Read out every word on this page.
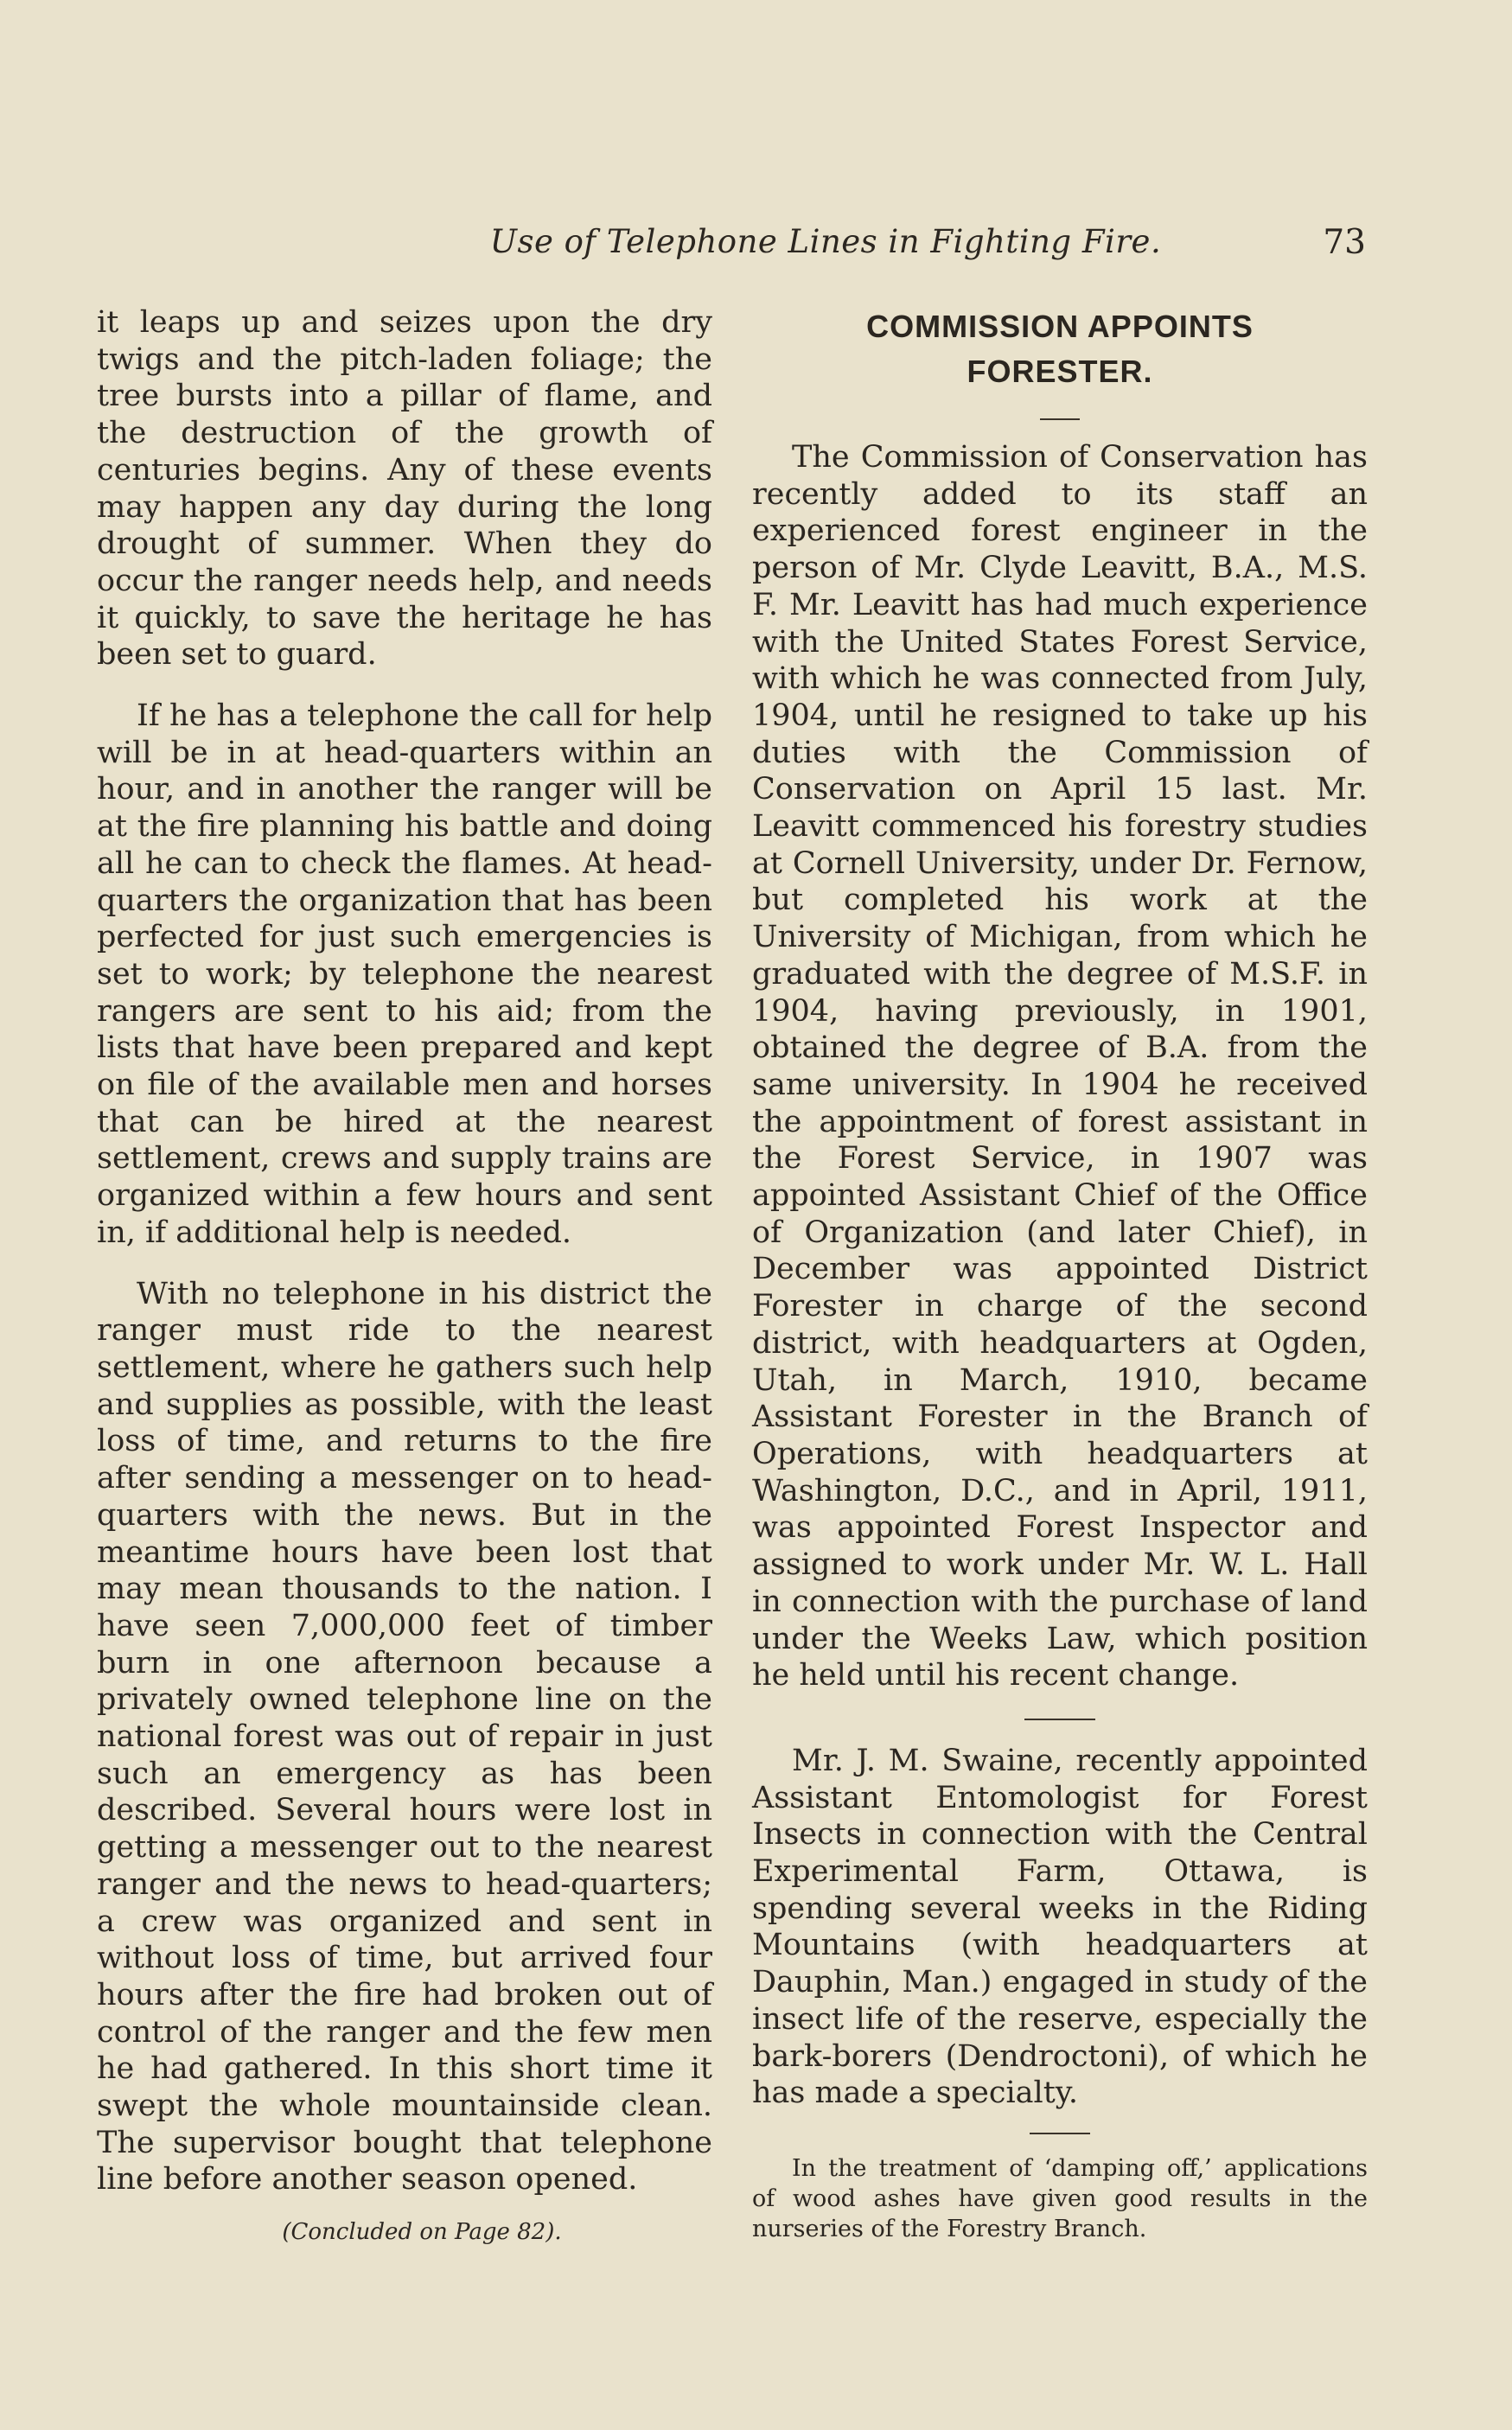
Use of Telephone Lines in Fighting Fire.	73

it leaps up and seizes upon the dry twigs and the pitch-laden foliage; the tree bursts into a pillar of flame, and the destruction of the growth of centuries begins. Any of these events may happen any day during the long drought of summer. When they do occur the ranger needs help, and needs it quickly, to save the heritage he has been set to guard.

If he has a telephone the call for help will be in at head-quarters within an hour, and in another the ranger will be at the fire planning his battle and doing all he can to check the flames. At head-quarters the organization that has been perfected for just such emergencies is set to work; by telephone the nearest rangers are sent to his aid; from the lists that have been prepared and kept on file of the available men and horses that can be hired at the nearest settlement, crews and supply trains are organized within a few hours and sent in, if additional help is needed.

With no telephone in his district the ranger must ride to the nearest settlement, where he gathers such help and supplies as possible, with the least loss of time, and returns to the fire after sending a messenger on to head-quarters with the news. But in the meantime hours have been lost that may mean thousands to the nation. I have seen 7,000,000 feet of timber burn in one afternoon because a privately owned telephone line on the national forest was out of repair in just such an emergency as has been described. Several hours were lost in getting a messenger out to the nearest ranger and the news to head-quarters; a crew was organized and sent in without loss of time, but arrived four hours after the fire had broken out of control of the ranger and the few men he had gathered. In this short time it swept the whole mountainside clean. The supervisor bought that telephone line before another season opened.

(Concluded on Page 82).

COMMISSION APPOINTS
FORESTER.

The Commission of Conservation has recently added to its staff an experienced forest engineer in the person of Mr. Clyde Leavitt, B.A., M.S. F. Mr. Leavitt has had much experience with the United States Forest Service, with which he was connected from July, 1904, until he resigned to take up his duties with the Commission of Conservation on April 15 last. Mr. Leavitt commenced his forestry studies at Cornell University, under Dr. Fernow, but completed his work at the University of Michigan, from which he graduated with the degree of M.S.F. in 1904, having previously, in 1901, obtained the degree of B.A. from the same university. In 1904 he received the appointment of forest assistant in the Forest Service, in 1907 was appointed Assistant Chief of the Office of Organization (and later Chief), in December was appointed District Forester in charge of the second district, with headquarters at Ogden, Utah, in March, 1910, became Assistant Forester in the Branch of Operations, with headquarters at Washington, D.C., and in April, 1911, was appointed Forest Inspector and assigned to work under Mr. W. L. Hall in connection with the purchase of land under the Weeks Law, which position he held until his recent change.

Mr. J. M. Swaine, recently appointed Assistant Entomologist for Forest Insects in connection with the Central Experimental Farm, Ottawa, is spending several weeks in the Riding Mountains (with headquarters at Dauphin, Man.) engaged in study of the insect life of the reserve, especially the bark-borers (Dendroctoni), of which he has made a specialty.

In the treatment of ‘damping off,’ applications of wood ashes have given good results in the nurseries of the Forestry Branch.
